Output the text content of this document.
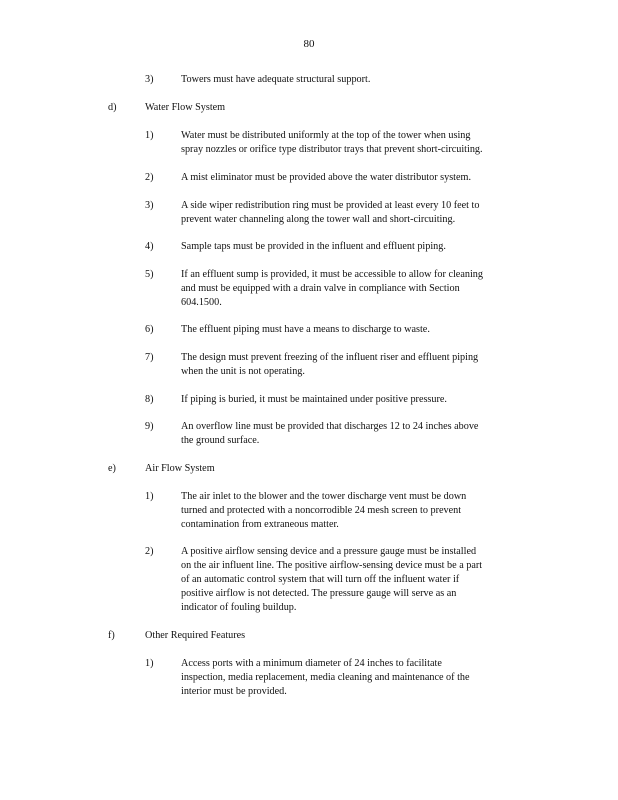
80
3)	Towers must have adequate structural support.
d)	Water Flow System
1)	Water must be distributed uniformly at the top of the tower when using
spray nozzles or orifice type distributor trays that prevent short-circuiting.
2)	A mist eliminator must be provided above the water distributor system.
3)	A side wiper redistribution ring must be provided at least every 10 feet to
prevent water channeling along the tower wall and short-circuiting.
4)	Sample taps must be provided in the influent and effluent piping.
5)	If an effluent sump is provided, it must be accessible to allow for cleaning
and must be equipped with a drain valve in compliance with Section
604.1500.
6)	The effluent piping must have a means to discharge to waste.
7)	The design must prevent freezing of the influent riser and effluent piping
when the unit is not operating.
8)	If piping is buried, it must be maintained under positive pressure.
9)	An overflow line must be provided that discharges 12 to 24 inches above
the ground surface.
e)	Air Flow System
1)	The air inlet to the blower and the tower discharge vent must be down
turned and protected with a noncorrodible 24 mesh screen to prevent
contamination from extraneous matter.
2)	A positive airflow sensing device and a pressure gauge must be installed
on the air influent line. The positive airflow-sensing device must be a part
of an automatic control system that will turn off the influent water if
positive airflow is not detected. The pressure gauge will serve as an
indicator of fouling buildup.
f)	Other Required Features
1)	Access ports with a minimum diameter of 24 inches to facilitate
inspection, media replacement, media cleaning and maintenance of the
interior must be provided.
